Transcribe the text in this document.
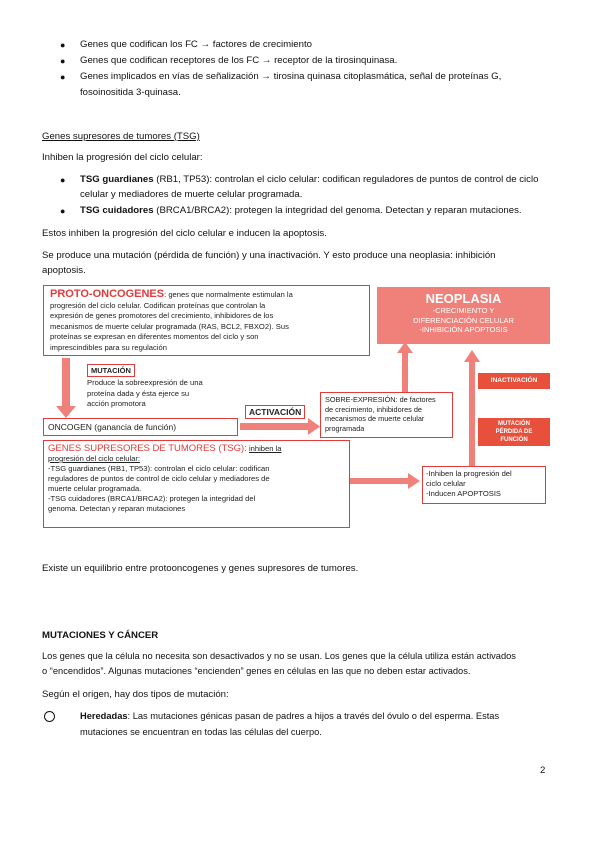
●	Genes que codifican los FC → factores de crecimiento
●	Genes que codifican receptores de los FC → receptor de la tirosinquinasa.
●	Genes implicados en vías de señalización → tirosina quinasa citoplasmática, señal de proteínas G,
fosoinositida 3-quinasa.
Genes supresores de tumores (TSG)
Inhiben la progresión del ciclo celular:
●	TSG guardianes (RB1, TP53): controlan el ciclo celular: codifican reguladores de puntos de control de ciclo
celular y mediadores de muerte celular programada.
●	TSG cuidadores (BRCA1/BRCA2): protegen la integridad del genoma. Detectan y reparan mutaciones.
Estos inhiben la progresión del ciclo celular e inducen la apoptosis.
Se produce una mutación (pérdida de función) y una inactivación. Y esto produce una neoplasia: inhibición
apoptosis.
PROTO-ONCOGENES: genes que normalmente estimulan la
progresión del ciclo celular. Codifican proteínas que controlan la
expresión de genes promotores del crecimiento, inhibidores de los
mecanismos de muerte celular programada (RAS, BCL2, FBXO2). Sus
proteínas se expresan en diferentes momentos del ciclo y son
imprescindibles para su regulación
NEOPLASIA
-CRECIMIENTO Y
DIFERENCIACIÓN CELULAR
-INHIBICIÓN APOPTOSIS
MUTACIÓN
Produce la sobreexpresión de una
proteína dada y ésta ejerce su
acción promotora
ACTIVACIÓN
ONCOGEN (ganancia de función)
SOBRE-EXPRESIÓN: de factores
de crecimiento, inhibidores de
mecanismos de muerte celular
programada
INACTIVACIÓN
MUTACIÓN
PÉRDIDA DE
FUNCIÓN
GENES SUPRESORES DE TUMORES (TSG): inhiben la
progresión del ciclo celular:
-TSG guardianes (RB1, TP53): controlan el ciclo celular: codifican
reguladores de puntos de control de ciclo celular y mediadores de
muerte celular programada.
-TSG cuidadores (BRCA1/BRCA2): protegen la integridad del
genoma. Detectan y reparan mutaciones
-Inhiben la progresión del
ciclo celular
-Inducen APOPTOSIS
Existe un equilibrio entre protooncogenes y genes supresores de tumores.
MUTACIONES Y CÁNCER
Los genes que la célula no necesita son desactivados y no se usan. Los genes que la célula utiliza están activados
o “encendidos”. Algunas mutaciones “encienden” genes en células en las que no deben estar activados.
Según el origen, hay dos tipos de mutación:
Heredadas: Las mutaciones génicas pasan de padres a hijos a través del óvulo o del esperma. Estas
mutaciones se encuentran en todas las células del cuerpo.
2
